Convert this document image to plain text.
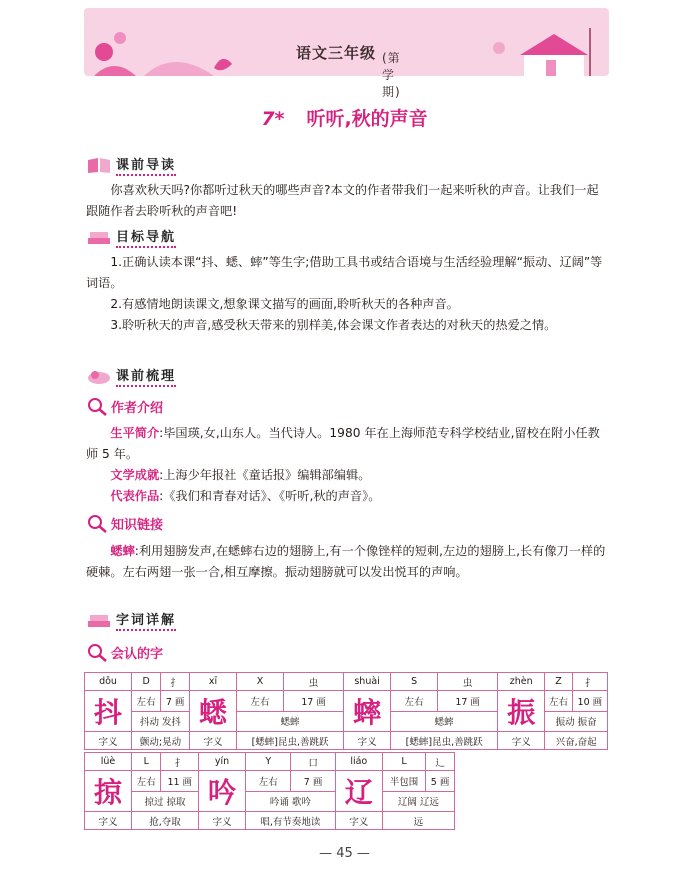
语文三年级 (第 学期)
7* 听听,秋的声音
课前导读

你喜欢秋天吗?你都听过秋天的哪些声音?本文的作者带我们一起来听秋的声音。让我们一起跟随作者去聆听秋的声音吧!

目标导航

1.正确认读本课“抖、蟋、蟀”等生字;借助工具书或结合语境与生活经验理解“振动、辽阔”等词语。

2.有感情地朗读课文,想象课文描写的画面,聆听秋天的各种声音。

3.聆听秋天的声音,感受秋天带来的别样美,体会课文作者表达的对秋天的热爱之情。

课前梳理
作者介绍

生平简介:毕国瑛,女,山东人。当代诗人。1980 年在上海师范专科学校结业,留校在附小任教师 5 年。

文学成就:上海少年报社《童话报》编辑部编辑。

代表作品:《我们和青春对话》、《听听,秋的声音》。

知识链接

蟋蟀:利用翅膀发声,在蟋蟀右边的翅膀上,有一个像锉样的短刺,左边的翅膀上,长有像刀一样的硬棘。左右两翅一张一合,相互摩擦。振动翅膀就可以发出悦耳的声响。

字词详解
会认的字
dǒu	D	扌	xī	X	虫	shuài	S	虫	zhèn	Z	扌
抖	左右	7 画	蟋	左右	17 画	蟀	左右	17 画	振	左右	10 画
	抖动 发抖			蟋蟀			蟋蟀			振动 振奋	
字义	颤动;晃动		字义	[蟋蟀]昆虫,善跳跃		字义	[蟋蟀]昆虫,善跳跃		字义	兴奋,奋起	
lüè	L	扌	yín	Y	口	liáo	L	辶
掠	左右	11 画	吟	左右	7 画	辽	半包围	5 画
	掠过 掠取			吟诵 歌吟			辽阔 辽远	
字义	抢,夺取		字义	唱,有节奏地读		字义	远	
— 45 —
